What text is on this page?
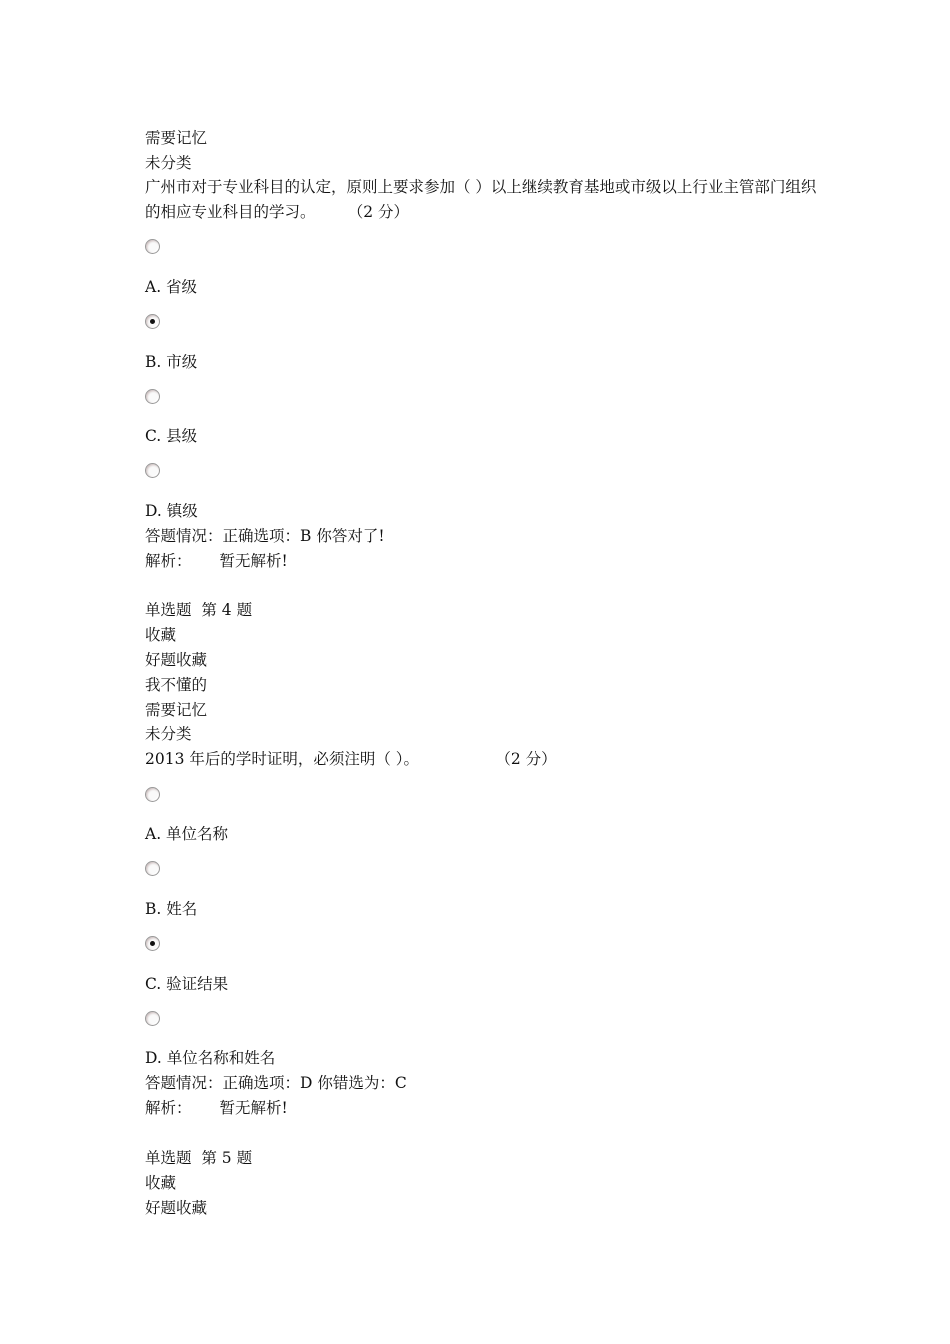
需要记忆
未分类
广州市对于专业科目的认定，原则上要求参加（ ）以上继续教育基地或市级以上行业主管部门组织的相应专业科目的学习。	（2 分）
A. 省级
B. 市级
C. 县级
D. 镇级
答题情况：正确选项：B 你答对了!
解析： 暂无解析!
单选题 第 4 题
收藏
好题收藏
我不懂的
需要记忆
未分类
2013 年后的学时证明，必须注明（ ）。	（2 分）
A. 单位名称
B. 姓名
C. 验证结果
D. 单位名称和姓名
答题情况：正确选项：D 你错选为：C
解析： 暂无解析!
单选题 第 5 题
收藏
好题收藏
